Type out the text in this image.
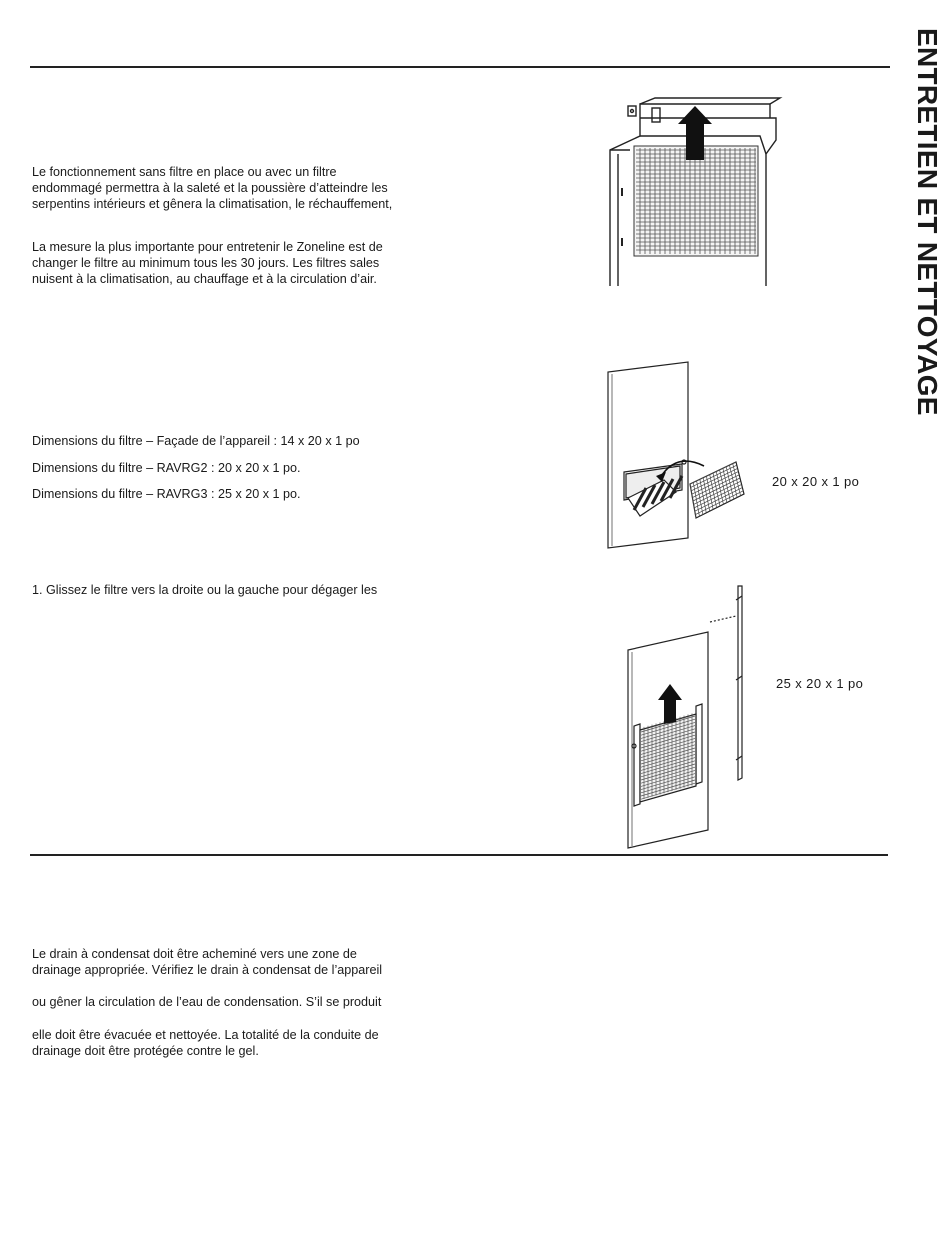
ENTRETIEN ET NETTOYAGE

Le fonctionnement sans filtre en place ou avec un filtre
endommagé permettra à la saleté et la poussière d’atteindre les
serpentins intérieurs et gênera la climatisation, le réchauffement,

La mesure la plus importante pour entretenir le Zoneline est de
changer le filtre au minimum tous les 30 jours. Les filtres sales
nuisent à la climatisation, au chauffage et à la circulation d’air.

Dimensions du filtre – Façade de l’appareil : 14 x 20 x 1 po

Dimensions du filtre – RAVRG2 : 20 x 20 x 1 po.

Dimensions du filtre – RAVRG3 : 25 x 20 x 1 po.

1. Glissez le filtre vers la droite ou la gauche pour dégager les

20 x 20 x 1 po
25 x 20 x 1 po

Le drain à condensat doit être acheminé vers une zone de

drainage appropriée. Vérifiez le drain à condensat de l’appareil

ou gêner la circulation de l’eau de condensation. S’il se produit

elle doit être évacuée et nettoyée. La totalité de la conduite de

drainage doit être protégée contre le gel.
